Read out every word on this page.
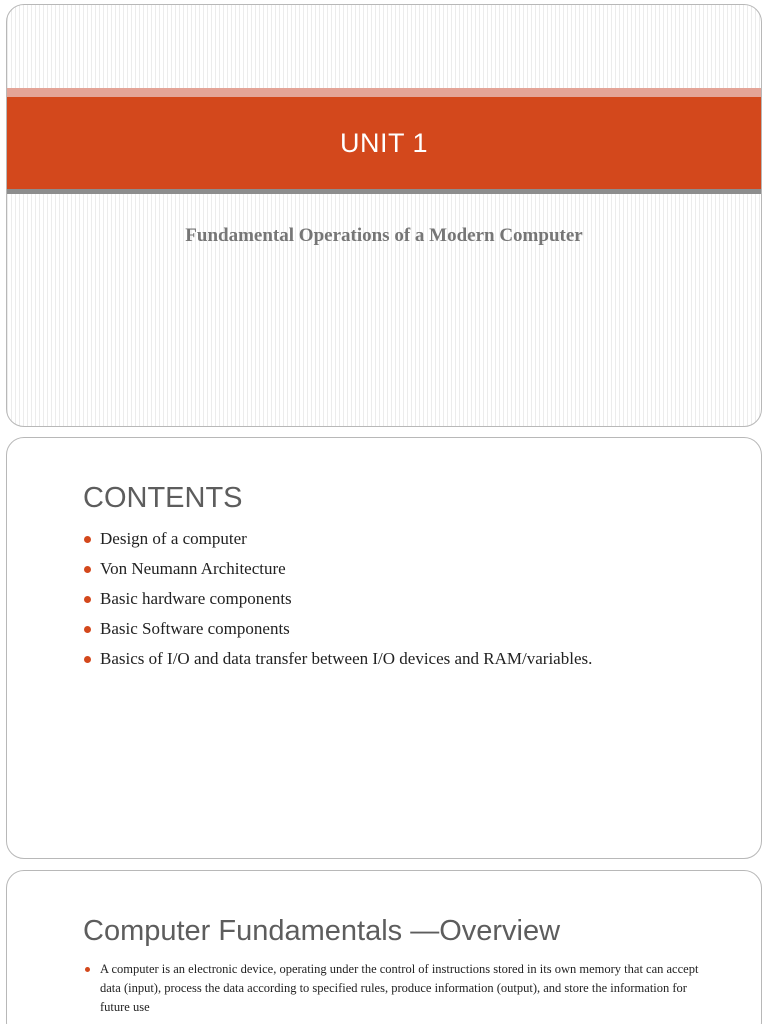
UNIT 1
Fundamental Operations of a Modern Computer
CONTENTS
Design of a computer
Von Neumann Architecture
Basic hardware components
Basic Software components
Basics of I/O and data transfer between I/O devices and RAM/variables.
Computer Fundamentals —Overview
A computer is an electronic device, operating under the control of instructions stored in its own memory that can accept data (input), process the data according to specified rules, produce information (output), and store the information for future use
